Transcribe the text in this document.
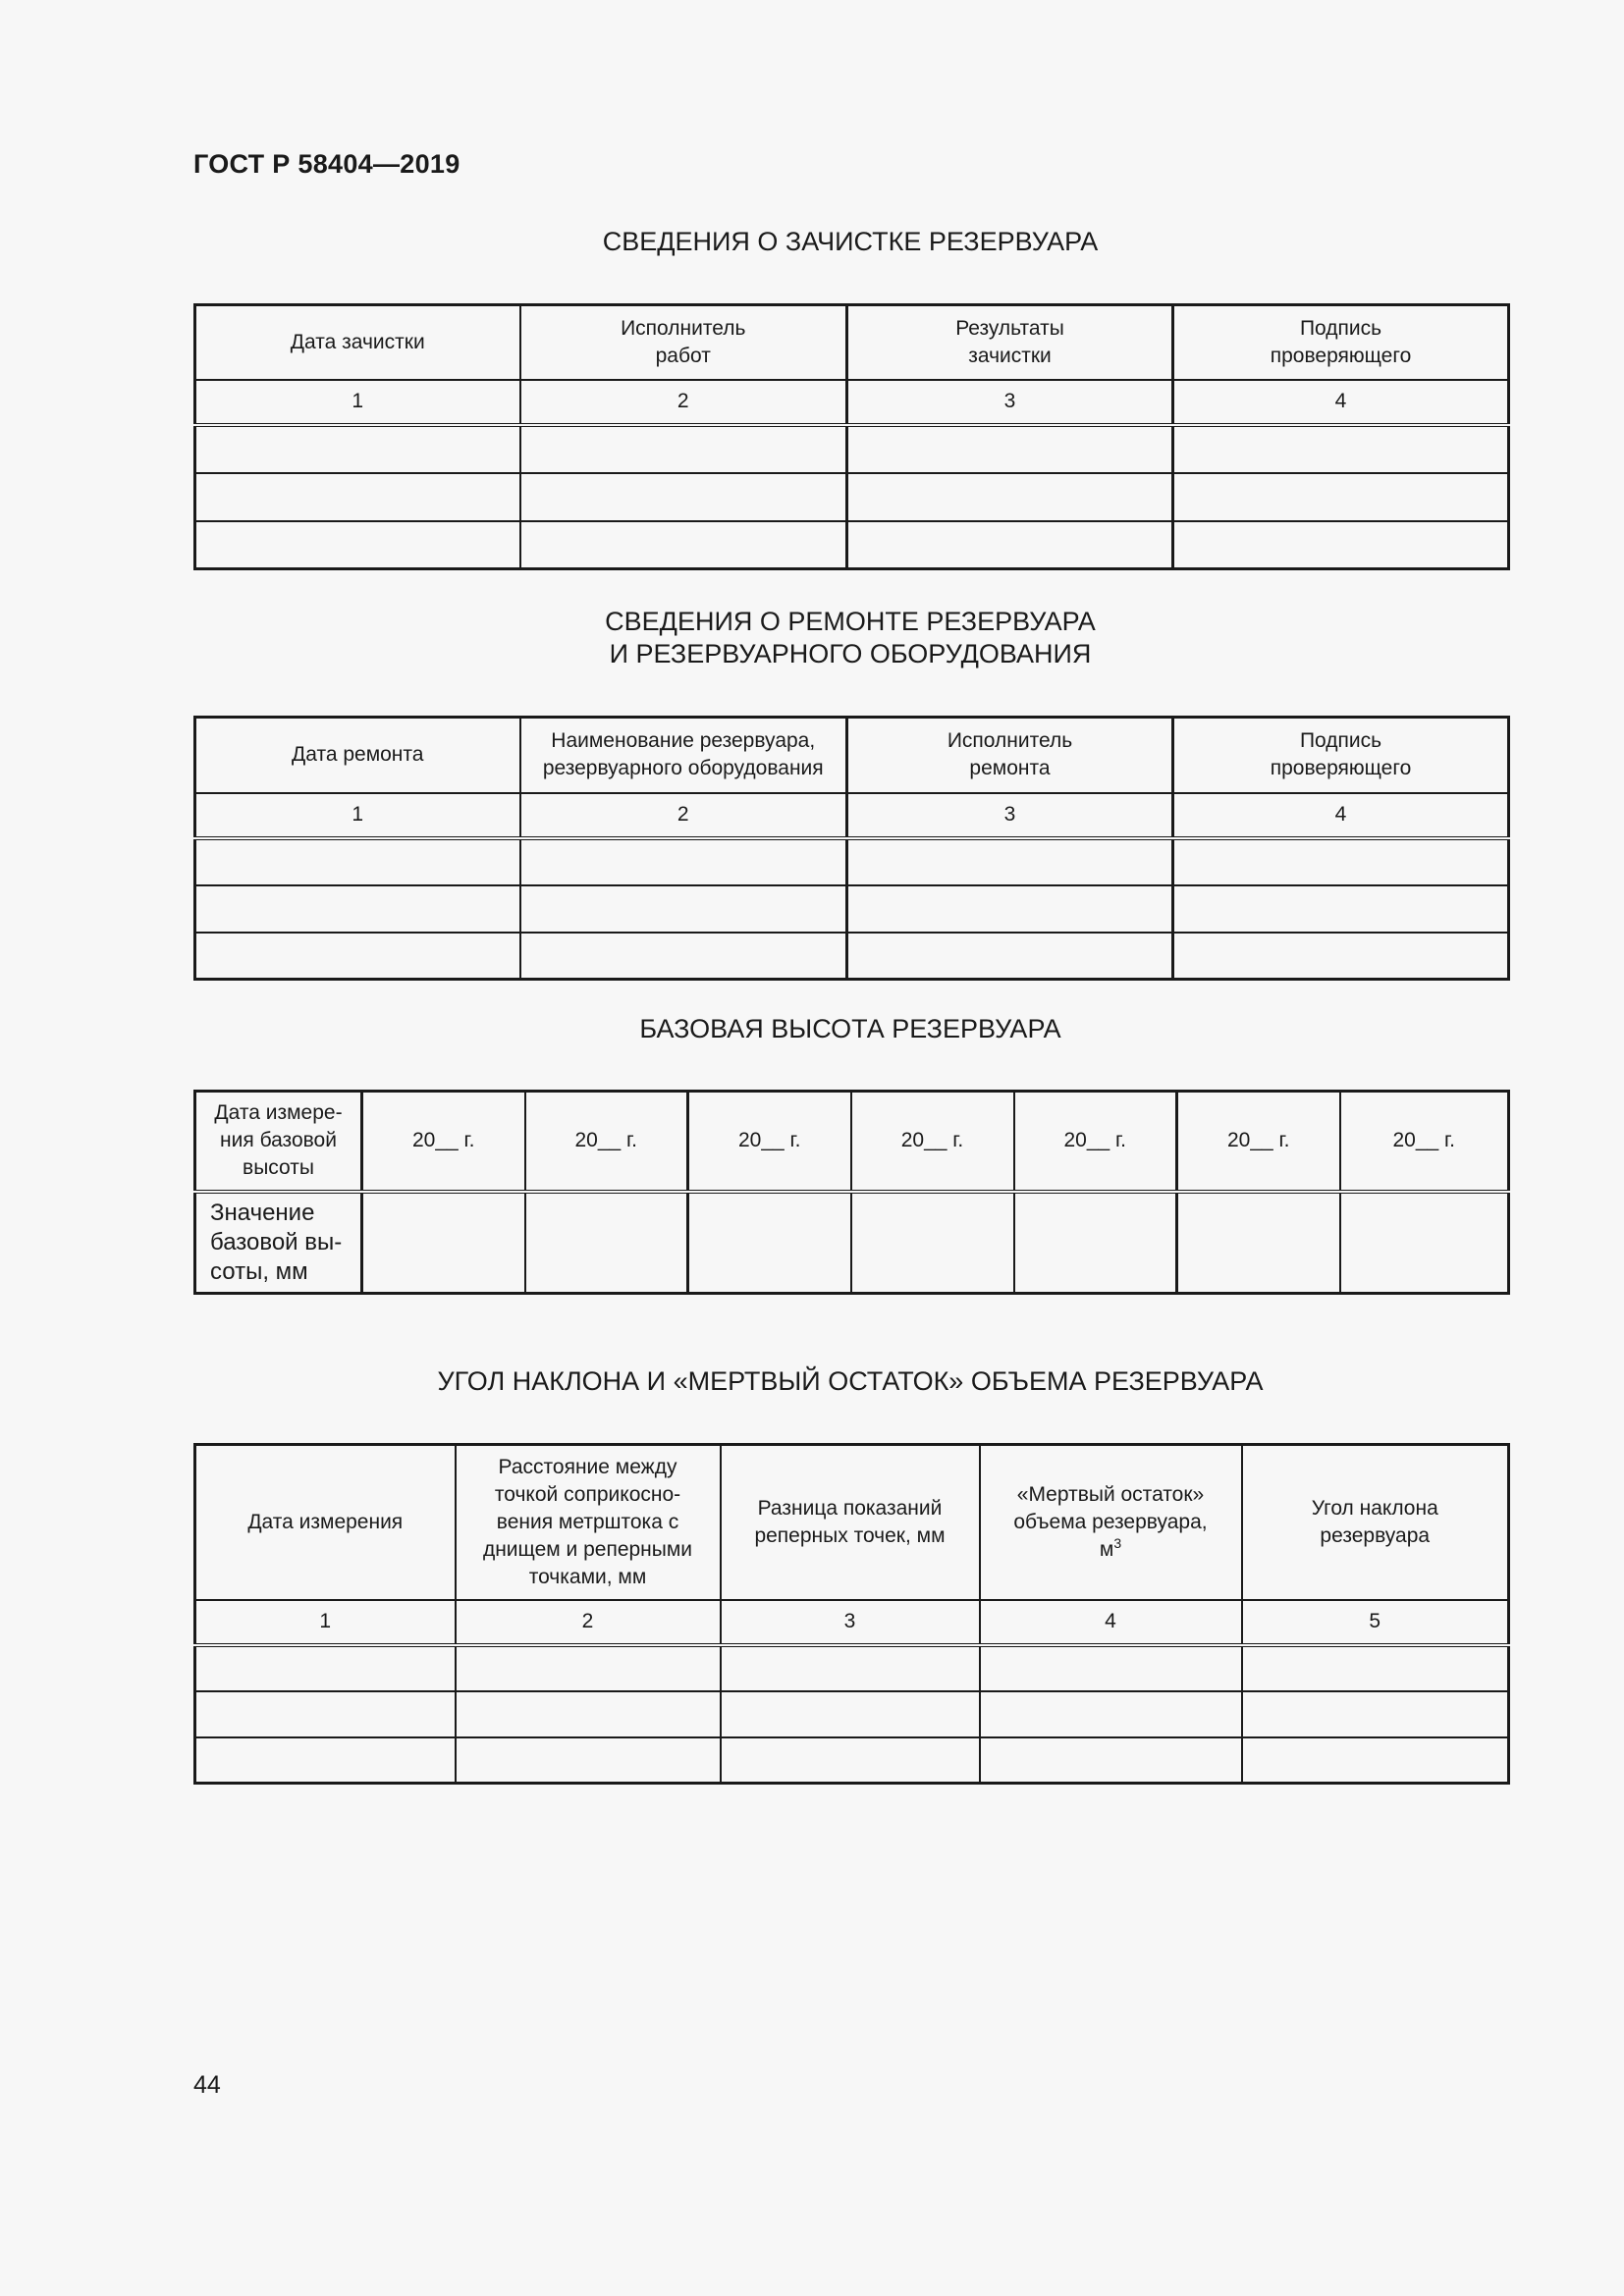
ГОСТ Р 58404—2019
СВЕДЕНИЯ О ЗАЧИСТКЕ РЕЗЕРВУАРА
Дата зачистки	Исполнитель работ	Результаты зачистки	Подпись проверяющего
1	2	3	4

СВЕДЕНИЯ О РЕМОНТЕ РЕЗЕРВУАРА
И РЕЗЕРВУАРНОГО ОБОРУДОВАНИЯ
Дата ремонта	Наименование резервуара, резервуарного оборудования	Исполнитель ремонта	Подпись проверяющего
1	2	3	4

БАЗОВАЯ ВЫСОТА РЕЗЕРВУАРА
Дата измере- ния базовой высоты	20__ г.	20__ г.	20__ г.	20__ г.	20__ г.	20__ г.	20__ г.
Значение базовой вы- соты, мм							
УГОЛ НАКЛОНА И «МЕРТВЫЙ ОСТАТОК» ОБЪЕМА РЕЗЕРВУАРА
Дата измерения	Расстояние между точкой соприкосно- вения метрштока с днищем и реперными точками, мм	Разница показаний реперных точек, мм	«Мертвый остаток» объема резервуара, $м^3$	Угол наклона резервуара
1	2	3	4	5

44
